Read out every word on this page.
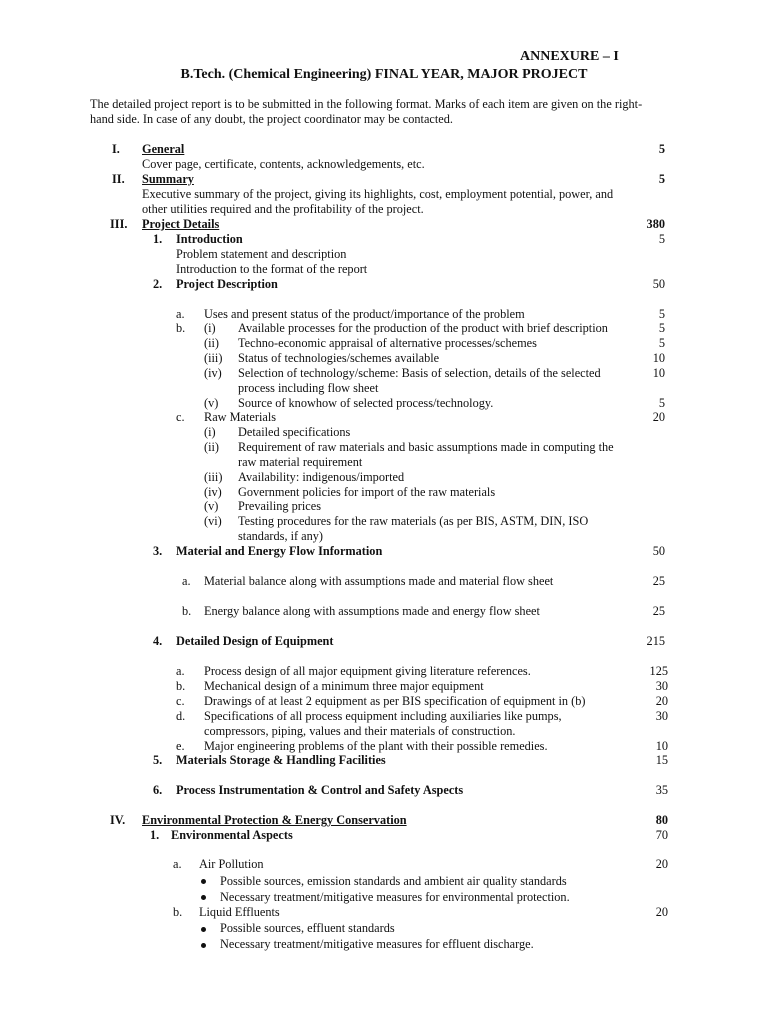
ANNEXURE – I
B.Tech. (Chemical Engineering) FINAL YEAR, MAJOR PROJECT
The detailed project report is to be submitted in the following format. Marks of each item are given on the right-
hand side. In case of any doubt, the project coordinator may be contacted.
I. General	5
Cover page, certificate, contents, acknowledgements, etc.
II. Summary	5
Executive summary of the project, giving its highlights, cost, employment potential, power, and
other utilities required and the profitability of the project.
III. Project Details	380
1. Introduction	5
Problem statement and description
Introduction to the format of the report
2. Project Description	50
a. Uses and present status of the product/importance of the problem	5
b. (i) Available processes for the production of the product with brief description	5
(ii) Techno-economic appraisal of alternative processes/schemes	5
(iii) Status of technologies/schemes available	10
(iv) Selection of technology/scheme: Basis of selection, details of the selected	10
process including flow sheet
(v) Source of knowhow of selected process/technology.	5
c. Raw Materials	20
(i) Detailed specifications
(ii) Requirement of raw materials and basic assumptions made in computing the
raw material requirement
(iii) Availability: indigenous/imported
(iv) Government policies for import of the raw materials
(v) Prevailing prices
(vi) Testing procedures for the raw materials (as per BIS, ASTM, DIN, ISO
standards, if any)
3. Material and Energy Flow Information	50
a. Material balance along with assumptions made and material flow sheet	25
b. Energy balance along with assumptions made and energy flow sheet	25
4. Detailed Design of Equipment	215
a. Process design of all major equipment giving literature references.	125
b. Mechanical design of a minimum three major equipment	30
c. Drawings of at least 2 equipment as per BIS specification of equipment in (b)	20
d. Specifications of all process equipment including auxiliaries like pumps,	30
compressors, piping, values and their materials of construction.
e. Major engineering problems of the plant with their possible remedies.	10
5. Materials Storage & Handling Facilities	15
6. Process Instrumentation & Control and Safety Aspects	35
IV. Environmental Protection & Energy Conservation	80
1. Environmental Aspects	70
a. Air Pollution	20
Possible sources, emission standards and ambient air quality standards
Necessary treatment/mitigative measures for environmental protection.
b. Liquid Effluents	20
Possible sources, effluent standards
Necessary treatment/mitigative measures for effluent discharge.
